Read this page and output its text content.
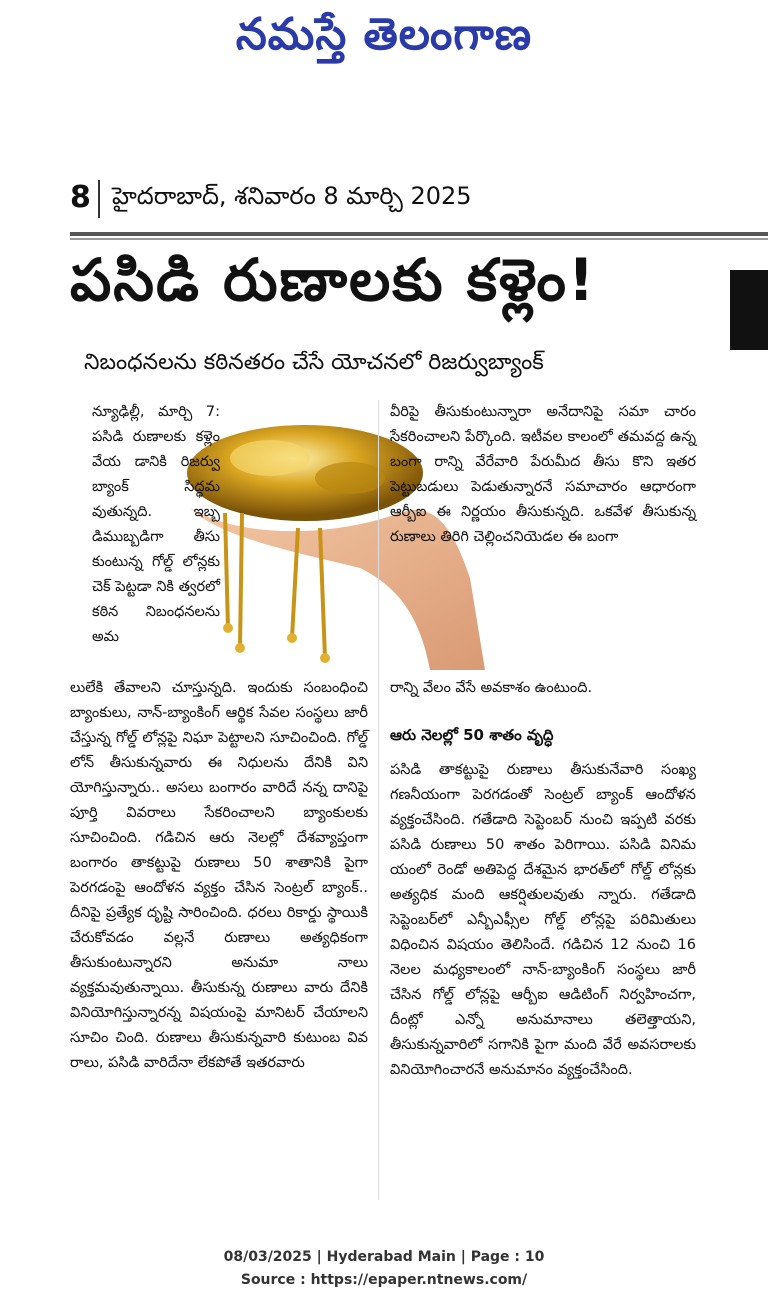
నమస్తే తెలంగాణ
8 హైదరాబాద్, శనివారం 8 మార్చి 2025
పసిడి రుణాలకు కళ్లెం!
నిబంధనలను కఠినతరం చేసే యోచనలో రిజర్వుబ్యాంక్

న్యూఢిల్లీ, మార్చి 7: పసిడి రుణాలకు కళ్లెం వేయ డానికి రిజర్వు బ్యాంక్ సిద్ధమ వుతున్నది. ఇబ్బ డిముబ్బడిగా తీసు కుంటున్న గోల్డ్ లోన్లకు చెక్ పెట్టడా నికి త్వరలో కఠిన నిబంధనలను అమ

లులేకి తేవాలని చూస్తున్నది. ఇందుకు సంబంధించి బ్యాంకులు, నాన్-బ్యాంకింగ్ ఆర్థిక సేవల సంస్థలు జారీ చేస్తున్న గోల్డ్ లోన్లపై నిఘా పెట్టాలని సూచించింది. గోల్డ్ లోన్ తీసుకున్నవారు ఈ నిధులను దేనికి విని యోగిస్తున్నారు.. అసలు బంగారం వారిదే నన్న దానిపై పూర్తి వివరాలు సేకరించాలని బ్యాంకులకు సూచించింది. గడిచిన ఆరు నెలల్లో దేశవ్యాప్తంగా బంగారం తాకట్టుపై రుణాలు 50 శాతానికి పైగా పెరగడంపై ఆందోళన వ్యక్తం చేసిన సెంట్రల్ బ్యాంక్.. దీనిపై ప్రత్యేక దృష్టి సారించింది. ధరలు రికార్డు స్థాయికి చేరుకోవడం వల్లనే రుణాలు అత్యధికంగా తీసుకుంటున్నారని అనుమా నాలు వ్యక్తమవుతున్నాయి. తీసుకున్న రుణాలు వారు దేనికి వినియోగిస్తున్నారన్న విషయంపై మానిటర్ చేయాలని సూచిం చింది. రుణాలు తీసుకున్నవారి కుటుంబ వివ రాలు, పసిడి వారిదేనా లేకపోతే ఇతరవారు

వీరిపై తీసుకుంటున్నారా అనేదానిపై సమా చారం సేకరించాలని పేర్కొంది. ఇటీవల కాలంలో తమవద్ద ఉన్న బంగా రాన్ని వేరేవారి పేరుమీద తీసు కొని ఇతర పెట్టుబడులు పెడుతున్నారనే సమాచారం ఆధారంగా ఆర్బీఐ ఈ నిర్ణయం తీసుకున్నది. ఒకవేళ తీసుకున్న రుణాలు తిరిగి చెల్లించనియెడల ఈ బంగా

రాన్ని వేలం వేసే అవకాశం ఉంటుంది.

ఆరు నెలల్లో 50 శాతం వృద్ధి

పసిడి తాకట్టుపై రుణాలు తీసుకునేవారి సంఖ్య గణనీయంగా పెరగడంతో సెంట్రల్ బ్యాంక్ ఆందోళన వ్యక్తంచేసింది. గతేడాది సెప్టెంబర్ నుంచి ఇప్పటి వరకు పసిడి రుణాలు 50 శాతం పెరిగాయి. పసిడి వినిమ యంలో రెండో అతిపెద్ద దేశమైన భారత్‌లో గోల్డ్ లోన్లకు అత్యధిక మంది ఆకర్షితులవుతు న్నారు. గతేడాది సెప్టెంబర్‌లో ఎన్బీఎఫ్సీల గోల్డ్ లోన్లపై పరిమితులు విధించిన విషయం తెలిసిందే. గడిచిన 12 నుంచి 16 నెలల మధ్యకాలంలో నాన్-బ్యాంకింగ్ సంస్థలు జారీ చేసిన గోల్డ్ లోన్లపై ఆర్బీఐ ఆడిటింగ్ నిర్వహించగా, దీంట్లో ఎన్నో అనుమానాలు తలెత్తాయని, తీసుకున్నవారిలో సగానికి పైగా మంది వేరే అవసరాలకు వినియోగించారనే అనుమానం వ్యక్తంచేసింది.

08/03/2025 | Hyderabad Main | Page : 10
Source : https://epaper.ntnews.com/
